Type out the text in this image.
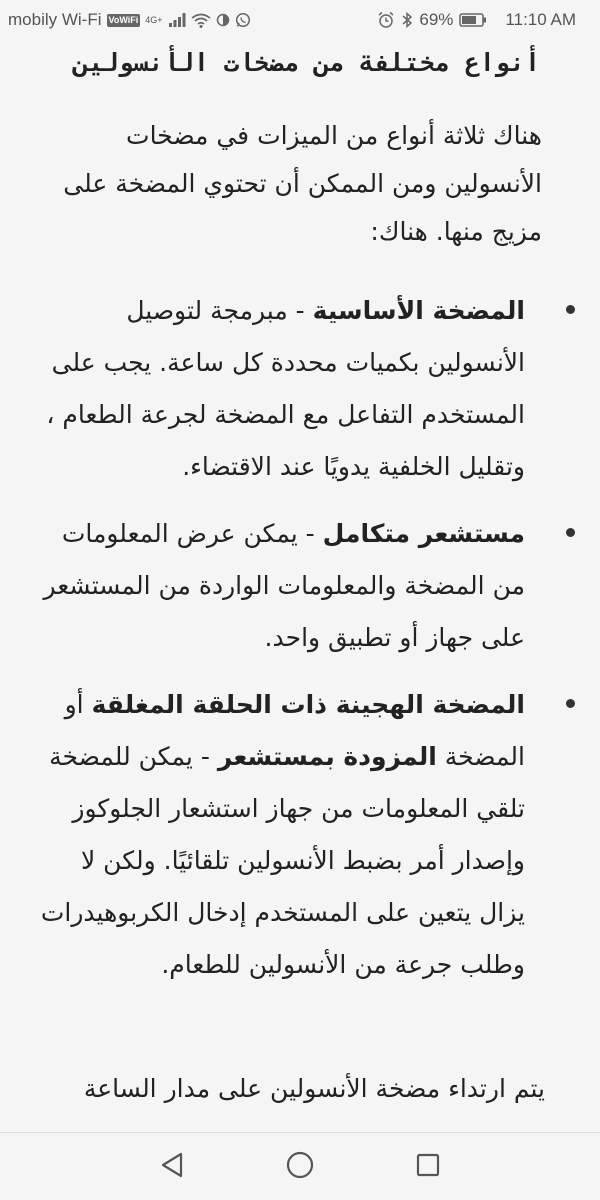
mobily Wi-Fi VoWiFi 4G+	69%	11:10 AM
أنواع مختلفة من مضخات الأنسولين

هناك ثلاثة أنواع من الميزات في مضخات الأنسولين ومن الممكن أن تحتوي المضخة على مزيج منها. هناك:

المضخة الأساسية - مبرمجة لتوصيل الأنسولين بكميات محددة كل ساعة. يجب على المستخدم التفاعل مع المضخة لجرعة الطعام ، وتقليل الخلفية يدويًا عند الاقتضاء.
مستشعر متكامل - يمكن عرض المعلومات من المضخة والمعلومات الواردة من المستشعر على جهاز أو تطبيق واحد.
المضخة الهجينة ذات الحلقة المغلقة أو المضخة المزودة بمستشعر - يمكن للمضخة تلقي المعلومات من جهاز استشعار الجلوكوز وإصدار أمر بضبط الأنسولين تلقائيًا. ولكن لا يزال يتعين على المستخدم إدخال الكربوهيدرات وطلب جرعة من الأنسولين للطعام.

يتم ارتداء مضخة الأنسولين على مدار الساعة
